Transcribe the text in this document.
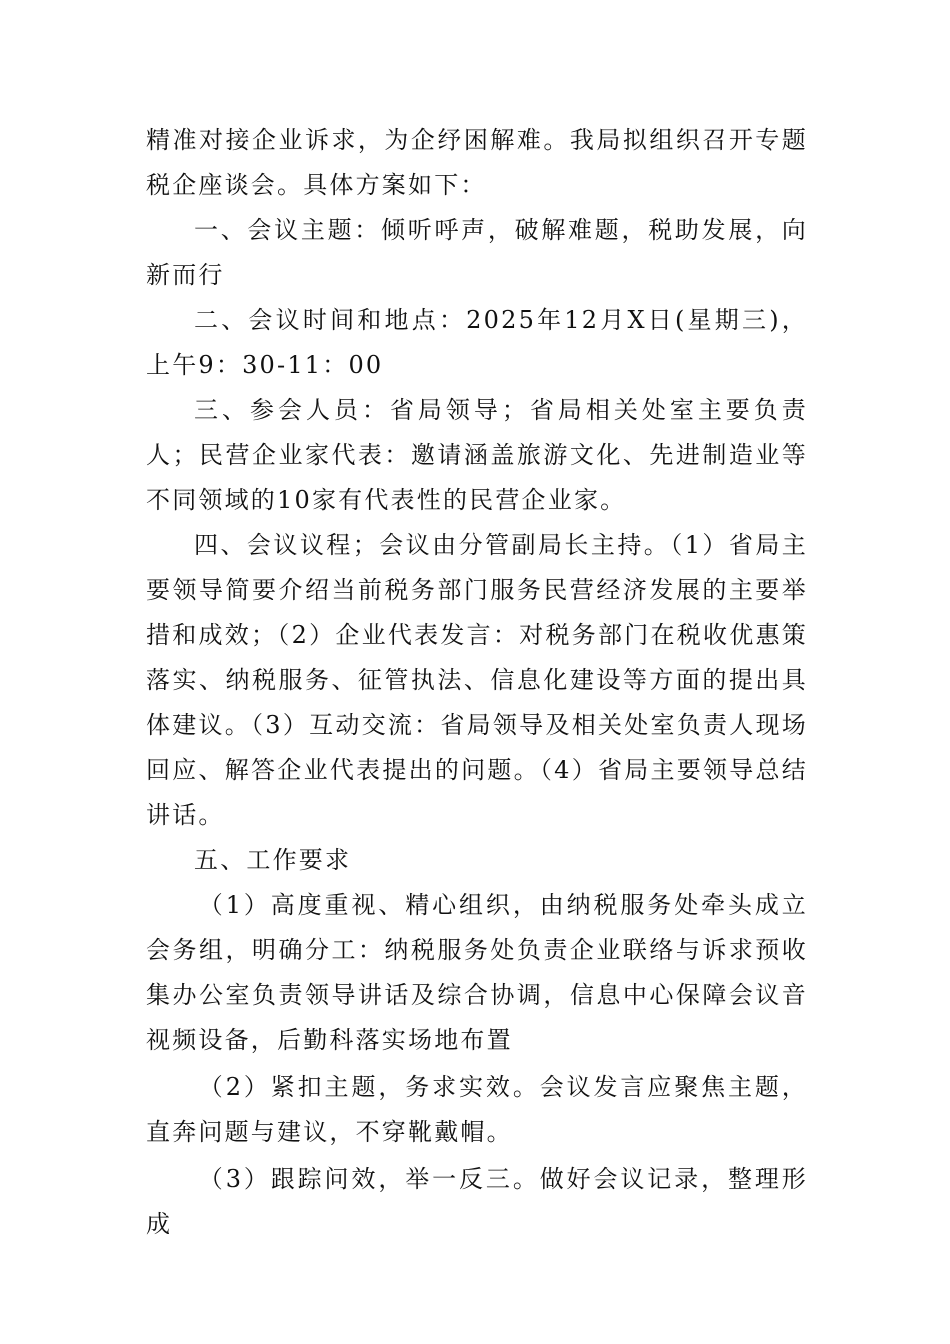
精准对接企业诉求，为企纾困解难。我局拟组织召开专题税企座谈会。具体方案如下：

一、会议主题：倾听呼声，破解难题，税助发展，向新而行

二、会议时间和地点：2025年12月X日(星期三)，上午9：30-11：00

三、参会人员：省局领导；省局相关处室主要负责人；民营企业家代表：邀请涵盖旅游文化、先进制造业等不同领域的10家有代表性的民营企业家。

四、会议议程；会议由分管副局长主持。（1）省局主要领导简要介绍当前税务部门服务民营经济发展的主要举措和成效；（2）企业代表发言：对税务部门在税收优惠策落实、纳税服务、征管执法、信息化建设等方面的提出具体建议。（3）互动交流：省局领导及相关处室负责人现场回应、解答企业代表提出的问题。（4）省局主要领导总结讲话。

五、工作要求

（1）高度重视、精心组织，由纳税服务处牵头成立会务组，明确分工：纳税服务处负责企业联络与诉求预收集办公室负责领导讲话及综合协调，信息中心保障会议音视频设备，后勤科落实场地布置

（2）紧扣主题，务求实效。会议发言应聚焦主题，直奔问题与建议，不穿靴戴帽。

（3）跟踪问效，举一反三。做好会议记录，整理形成
